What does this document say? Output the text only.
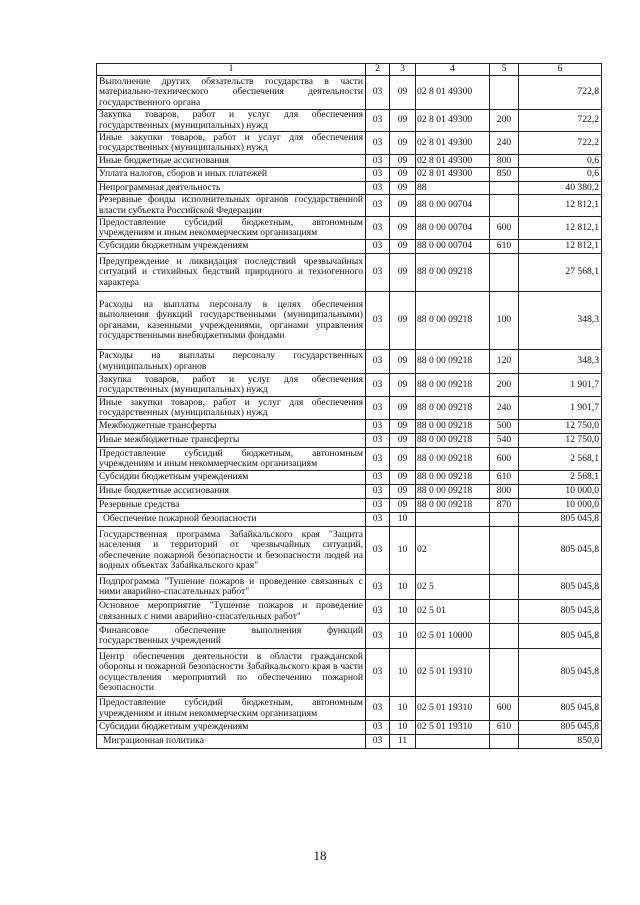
1	2	3	4	5	6
Выполнение других обязательств государства в части материально-технического обеспечения деятельности государственного органа	03	09	02 8 01 49300		722,8
Закупка товаров, работ и услуг для обеспечения государственных (муниципальных) нужд	03	09	02 8 01 49300	200	722,2
Иные закупки товаров, работ и услуг для обеспечения государственных (муниципальных) нужд	03	09	02 8 01 49300	240	722,2
Иные бюджетные ассигнования	03	09	02 8 01 49300	800	0,6
Уплата налогов, сборов и иных платежей	03	09	02 8 01 49300	850	0,6
Непрограммная деятельность	03	09	88		40 380,2
Резервные фонды исполнительных органов государственной власти субъекта Российской Федерации	03	09	88 0 00 00704		12 812,1
Предоставление субсидий бюджетным, автономным учреждениям и иным некоммерческим организациям	03	09	88 0 00 00704	600	12 812,1
Субсидии бюджетным учреждениям	03	09	88 0 00 00704	610	12 812,1
Предупреждение и ликвидация последствий чрезвычайных ситуаций и стихийных бедствий природного и техногенного характера	03	09	88 0 00 09218		27 568,1
Расходы на выплаты персоналу в целях обеспечения выполнения функций государственными (муниципальными) органами, казенными учреждениями, органами управления государственными внебюджетными фондами	03	09	88 0 00 09218	100	348,3
Расходы на выплаты персоналу государственных (муниципальных) органов	03	09	88 0 00 09218	120	348,3
Закупка товаров, работ и услуг для обеспечения государственных (муниципальных) нужд	03	09	88 0 00 09218	200	1 901,7
Иные закупки товаров, работ и услуг для обеспечения государственных (муниципальных) нужд	03	09	88 0 00 09218	240	1 901,7
Межбюджетные трансферты	03	09	88 0 00 09218	500	12 750,0
Иные межбюджетные трансферты	03	09	88 0 00 09218	540	12 750,0
Предоставление субсидий бюджетным, автономным учреждениям и иным некоммерческим организациям	03	09	88 0 00 09218	600	2 568,1
Субсидии бюджетным учреждениям	03	09	88 0 00 09218	610	2 568,1
Иные бюджетные ассигнования	03	09	88 0 00 09218	800	10 000,0
Резервные средства	03	09	88 0 00 09218	870	10 000,0
Обеспечение пожарной безопасности	03	10			805 045,8
Государственная программа Забайкальского края "Защита населения и территорий от чрезвычайных ситуаций, обеспечение пожарной безопасности и безопасности людей на водных объектах Забайкальского края"	03	10	02		805 045,8
Подпрограмма "Тушение пожаров и проведение связанных с ними аварийно-спасательных работ"	03	10	02 5		805 045,8
Основное мероприятие "Тушение пожаров и проведение связанных с ними аварийно-спасательных работ"	03	10	02 5 01		805 045,8
Финансовое обеспечение выполнения функций государственных учреждений	03	10	02 5 01 10000		805 045,8
Центр обеспечения деятельности в области гражданской обороны и пожарной безопасности Забайкальского края в части осуществления мероприятий по обеспечению пожарной безопасности	03	10	02 5 01 19310		805 045,8
Предоставление субсидий бюджетным, автономным учреждениям и иным некоммерческим организациям	03	10	02 5 01 19310	600	805 045,8
Субсидии бюджетным учреждениям	03	10	02 5 01 19310	610	805 045,8
Миграционная политика	03	11			850,0
18
